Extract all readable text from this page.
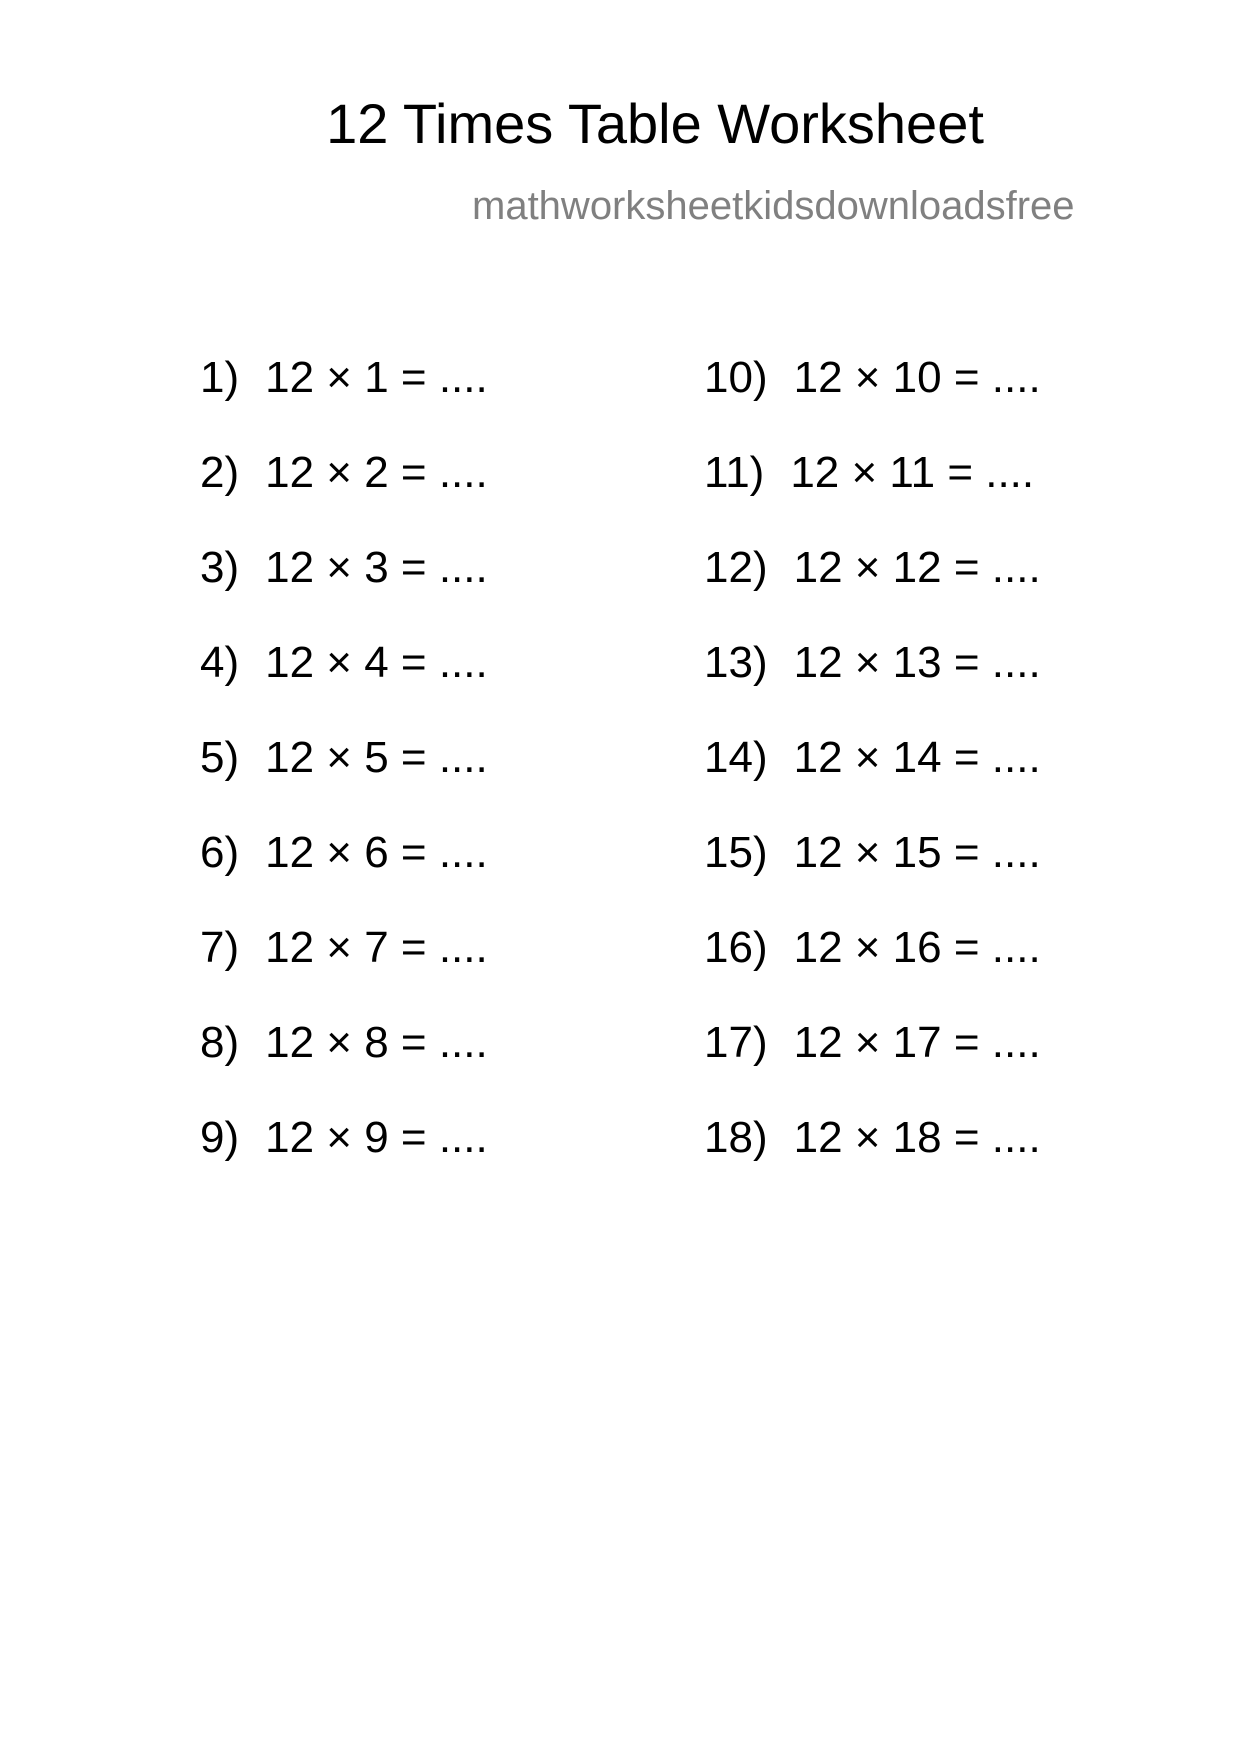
12 Times Table Worksheet
mathworksheetkidsdownloadsfree
1) 12 × 1 = ....
2) 12 × 2 = ....
3) 12 × 3 = ....
4) 12 × 4 = ....
5) 12 × 5 = ....
6) 12 × 6 = ....
7) 12 × 7 = ....
8) 12 × 8 = ....
9) 12 × 9 = ....
10) 12 × 10 = ....
11) 12 × 11 = ....
12) 12 × 12 = ....
13) 12 × 13 = ....
14) 12 × 14 = ....
15) 12 × 15 = ....
16) 12 × 16 = ....
17) 12 × 17 = ....
18) 12 × 18 = ....
